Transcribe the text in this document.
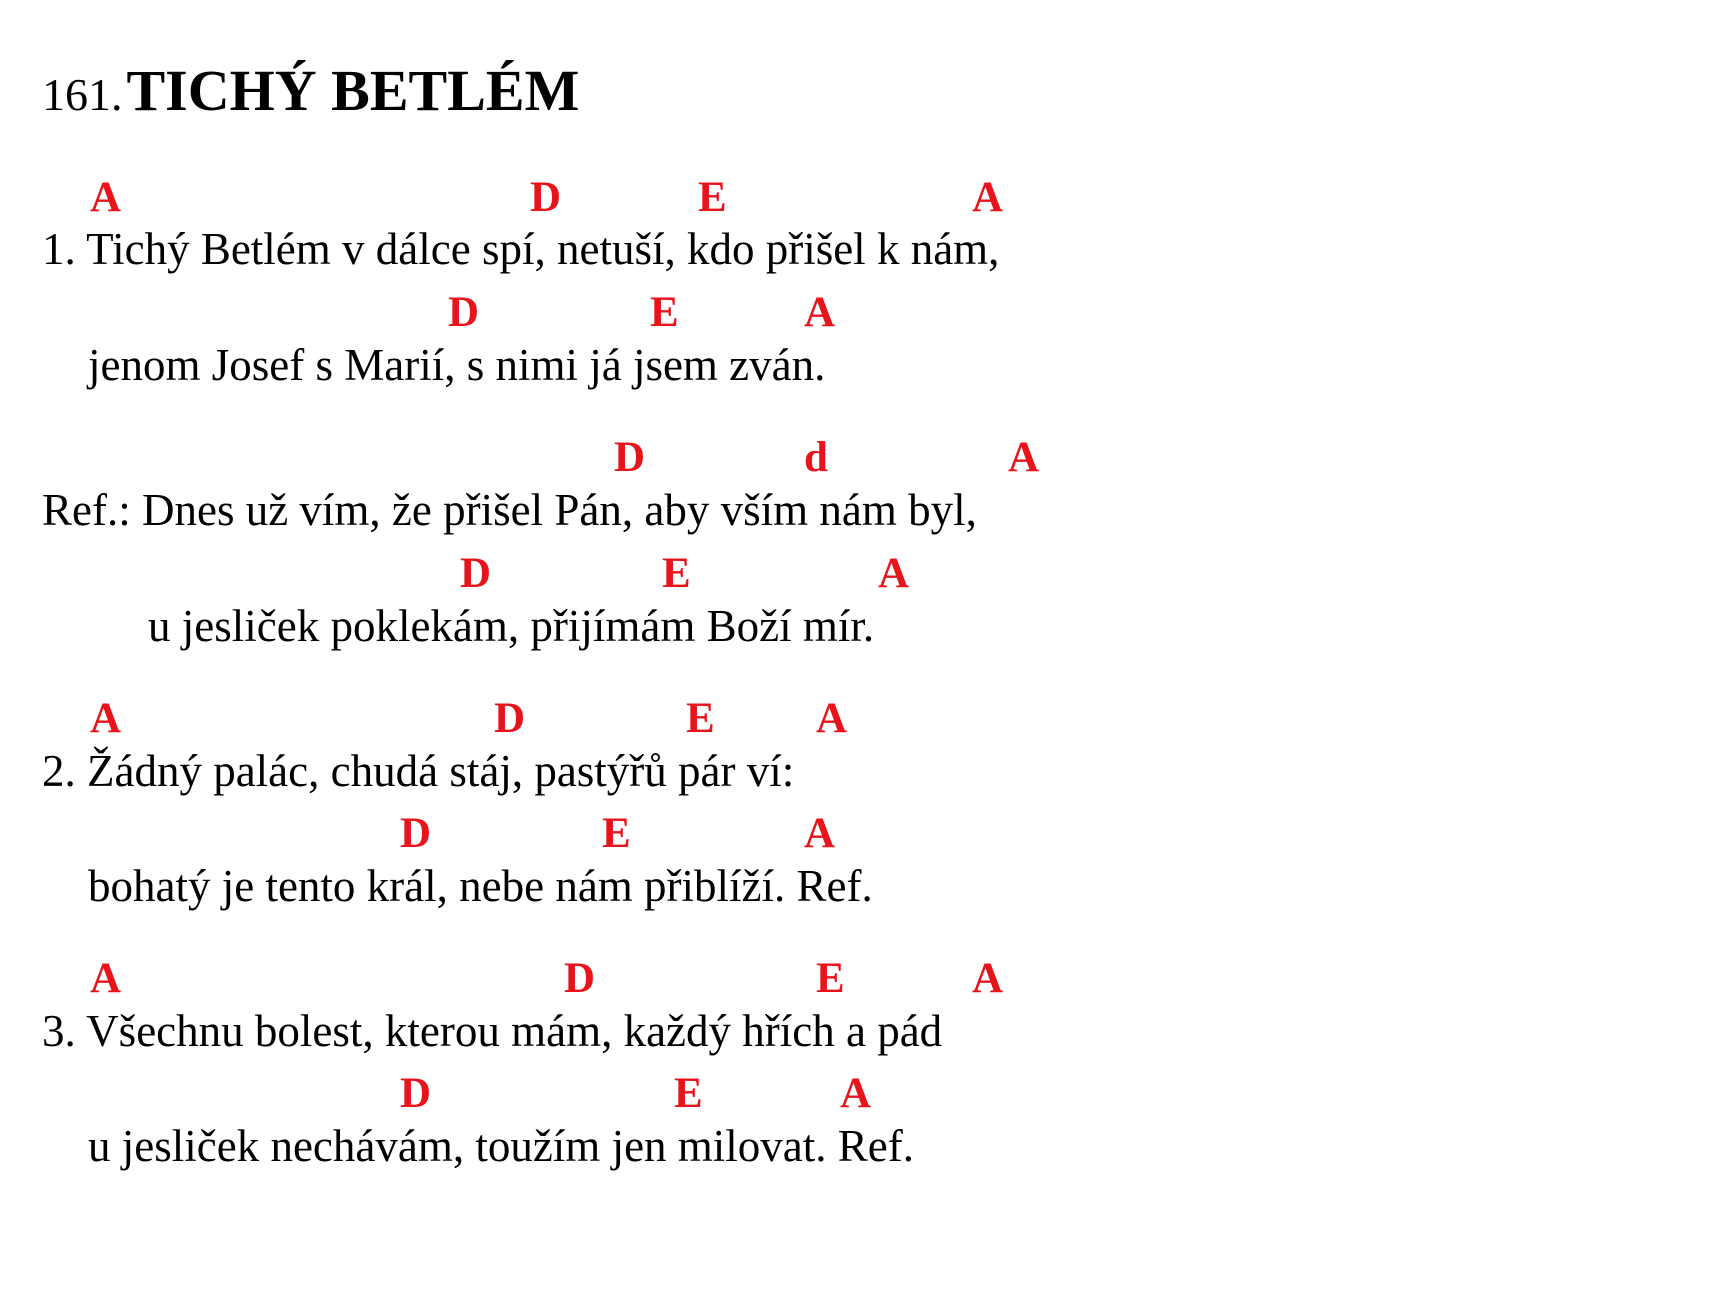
161. TICHÝ BETLÉM
A	D	E	A
1. Tichý Betlém v dálce spí, netuší, kdo přišel k nám,
D	E	A
jenom Josef s Marií, s nimi já jsem zván.
D	d	A
Ref.: Dnes už vím, že přišel Pán, aby vším nám byl,
D	E	A
u jesliček poklekám, přijímám Boží mír.
A	D	E A
2. Žádný palác, chudá stáj, pastýřů pár ví:
D	E	A
bohatý je tento král, nebe nám přiblíží. Ref.
A	D	E	A
3. Všechnu bolest, kterou mám, každý hřích a pád
D	E	A
u jesliček nechávám, toužím jen milovat. Ref.
